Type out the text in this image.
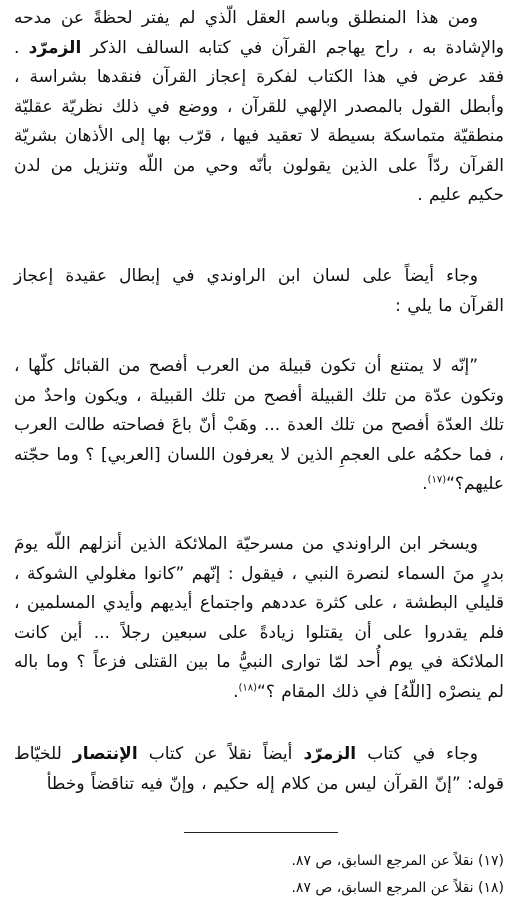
ومن هذا المنطلق وباسم العقل الّذي لم يفتر لحظةً عن مدحه والإشادة به ، راح يهاجم القرآن في كتابه السالف الذكر الزمرّد . فقد عرض في هذا الكتاب لفكرة إعجاز القرآن فنقدها بشراسة ، وأبطل القول بالمصدر الإلهي للقرآن ، ووضع في ذلك نظريّة عقليّة منطقيّة متماسكة بسيطة لا تعقيد فيها ، قرّب بها إلى الأذهان بشريّة القرآن ردّاً على الذين يقولون بأنّه وحي من اللّه وتنزيل من لدن حكيم عليم .

وجاء أيضاً على لسان ابن الراوندي في إبطال عقيدة إعجاز القرآن ما يلي :

”إنّه لا يمتنع أن تكون قبيلة من العرب أفصح من القبائل كلّها ، وتكون عدّة من تلك القبيلة أفصح من تلك القبيلة ، ويكون واحدٌ من تلك العدّة أفصح من تلك العدة ... وهَبْ أنّ باعَ فصاحته طالت العرب ، فما حكمُه على العجمِ الذين لا يعرفون اللسان [العربي] ؟ وما حجّته عليهم؟“$^{(١٧)}$.

ويسخر ابن الراوندي من مسرحيّة الملائكة الذين أنزلهم اللّه يومَ بدرٍ منَ السماء لنصرة النبي ، فيقول : إنّهم ”كانوا مغلولي الشوكة ، قليلي البطشة ، على كثرة عددهم واجتماع أيديهم وأيدي المسلمين ، فلم يقدروا على أن يقتلوا زيادةً على سبعين رجلاً ... أين كانت الملائكة في يوم أُحد لمّا توارى النبيُّ ما بين القتلى فزعاً ؟ وما باله لم ينصرْه [اللّهُ] في ذلك المقام ؟“$^{(١٨)}$.

وجاء في كتاب الزمرّد أيضاً نقلاً عن كتاب الإنتصار للخيّاط قوله: ”إنّ القرآن ليس من كلام إله حكيم ، وإنّ فيه تناقضاً وخطأ

(١٧) نقلاً عن المرجع السابق، ص ٨٧.

(١٨) نقلاً عن المرجع السابق، ص ٨٧.
